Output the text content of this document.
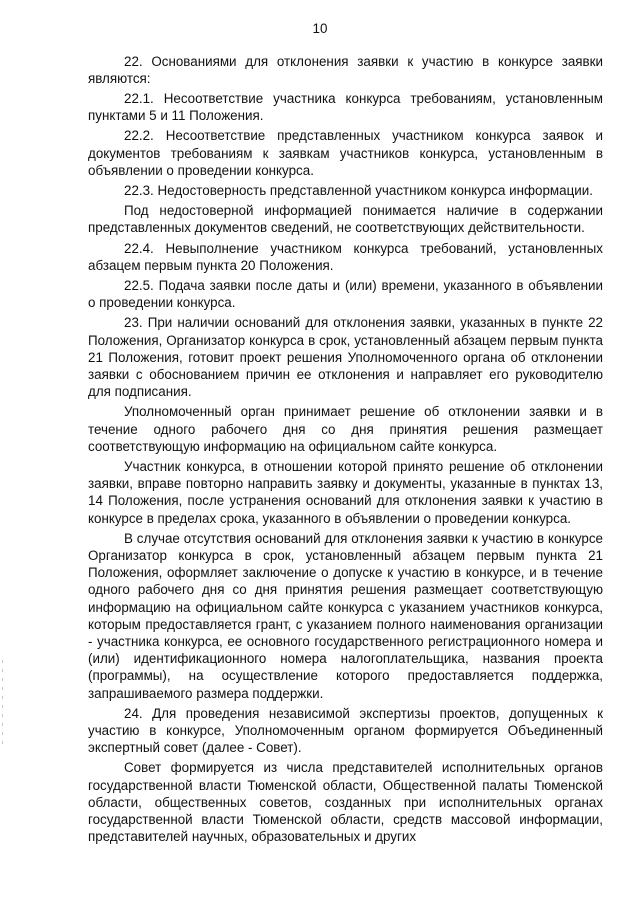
10

22. Основаниями для отклонения заявки к участию в конкурсе заявки являются:

22.1. Несоответствие участника конкурса требованиям, установленным пунктами 5 и 11 Положения.

22.2. Несоответствие представленных участником конкурса заявок и документов требованиям к заявкам участников конкурса, установленным в объявлении о проведении конкурса.

22.3. Недостоверность представленной участником конкурса информации.

Под недостоверной информацией понимается наличие в содержании представленных документов сведений, не соответствующих действительности.

22.4. Невыполнение участником конкурса требований, установленных абзацем первым пункта 20 Положения.

22.5. Подача заявки после даты и (или) времени, указанного в объявлении о проведении конкурса.

23. При наличии оснований для отклонения заявки, указанных в пункте 22 Положения, Организатор конкурса в срок, установленный абзацем первым пункта 21 Положения, готовит проект решения Уполномоченного органа об отклонении заявки с обоснованием причин ее отклонения и направляет его руководителю для подписания.

Уполномоченный орган принимает решение об отклонении заявки и в течение одного рабочего дня со дня принятия решения размещает соответствующую информацию на официальном сайте конкурса.

Участник конкурса, в отношении которой принято решение об отклонении заявки, вправе повторно направить заявку и документы, указанные в пунктах 13, 14 Положения, после устранения оснований для отклонения заявки к участию в конкурсе в пределах срока, указанного в объявлении о проведении конкурса.

В случае отсутствия оснований для отклонения заявки к участию в конкурсе Организатор конкурса в срок, установленный абзацем первым пункта 21 Положения, оформляет заключение о допуске к участию в конкурсе, и в течение одного рабочего дня со дня принятия решения размещает соответствующую информацию на официальном сайте конкурса с указанием участников конкурса, которым предоставляется грант, с указанием полного наименования организации - участника конкурса, ее основного государственного регистрационного номера и (или) идентификационного номера налогоплательщика, названия проекта (программы), на осуществление которого предоставляется поддержка, запрашиваемого размера поддержки.

24. Для проведения независимой экспертизы проектов, допущенных к участию в конкурсе, Уполномоченным органом формируется Объединенный экспертный совет (далее - Совет).

Совет формируется из числа представителей исполнительных органов государственной власти Тюменской области, Общественной палаты Тюменской области, общественных советов, созданных при исполнительных органах государственной власти Тюменской области, средств массовой информации, представителей научных, образовательных и других
